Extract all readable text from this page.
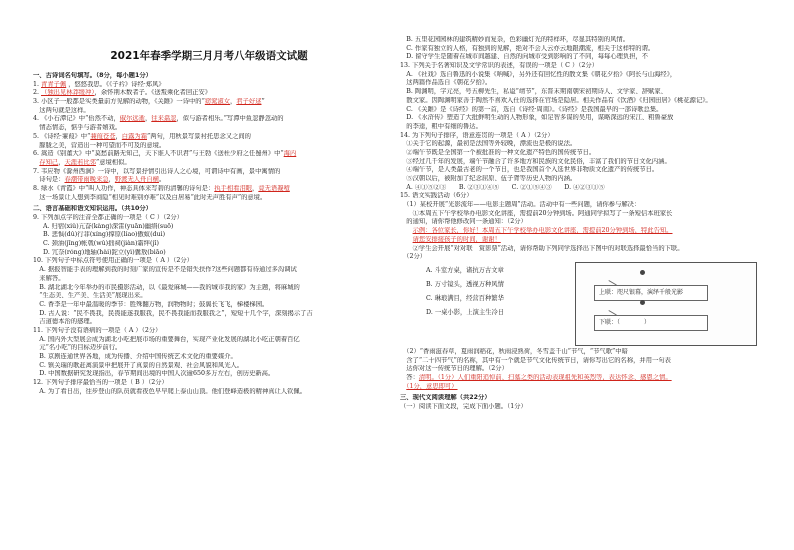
2021年春季学期三月月考八年级语文试题
一、古诗词名句填写。（8分，每小题1分）
1. 青青子佩 ，悠悠我思。《《子衿》诗经·郑风》
2. （独出见林莽缓冲），余怀荆木数者子。《送叛乘化者回正安》
3. 小区子一般都是实类量前方见解的动物，《关雎》一诗中的“窈窕淑女，君子好逑”
　这两句就是这样。
4. 《小石潭记》中“佁然不动，俶尔远逝，往来翕忽，似与游者相乐。”写潭中鱼忽静忽动的
　情态情态，惦乎与游者嬉戏。
5. 《诗经·蒹葭》中“蒹葭苍苍，白露为霜”两句，用秋景写景衬托思念又之间的
　朦胧之美，营造出一种可望而不可及的意境。
6. 嵩造《别董大》中“莫愁前路无知己，天下谁人不识君”与王勃《送杜少府之任蜀州》中“海内
　存知己，天涯若比邻”意境相似。
7. 韦应物《滁州西涧》一诗中，以写景抒情引出诗人之心境，可谓诗中有画，景中寓情的
　诗句是：春潮带雨晚来急，野渡无人舟自横。
8. 绿水《青霞》中“叫人功作，神态具体来写碧的清馨的诗句是：执手相看泪眼，竟无语凝噎
　这一场景让人想到李商隐“相见时难别亦难”以及白居易“此时无声胜有声”的意境。
二、语言基础和语文知识运用。（共10分）
9. 下列加点字的注音全都正确的一项是（ C ）（2分）
A. 归宿(xiǔ)亢奋(kàng)深雷(yuān)幽绢(suō)
B. 悲惧(dǔ)行菲(xíng)撑原(líao)傲蚁(duì)
C. 颈油(jīng)帐戟(wǔ)拙祠(jiàn)霜绊(jǐ)
D. 冗奈(róng)地轴(hài)跎立(yì)囊敖(biāo)
10. 下列句子中标点符号使用正确的一项是（ A ）（2分）
　A. 据报智能手表的理解到我的时刻广家的宣传是不是错失扶作?这些问题都有待通过多沟调试
　来解答。
　B. 湖北湖北今年举办的市民摄影活动，以《最爱麻城——我的城市我的家》为主题，将麻城的
　“生态美、生产美、生活美”展现出来。
　C. 香李是一年中最温暖的季节：胜殊翻万物，润物物时；鼓翼长飞飞，梯楼梯园。
　D. 古人说：“民不畏我，民畏能遂我服我，民不畏我能而我服我之”，短短十几个字，深刻揭示了吉
　吉道德本治的感理。
11. 下列句子没有语病的一项是（ A ）（2分）
　A. 国内外大型展会成为湖北小吃把展市场的重要舞台，实现产业化发展的湖北小吃正朝着百亿
　元“名小吃”的目标迈步前行。
　B. 京剧连通世界各地，成为传播、介绍中国传统艺术文化的重要媒介。
　C. 镇关瑞的歌赶离演景申把展开了真景的自然景观、社会风貌和风光人。
　D. 中国数据研究发现指出，春节期间出境的中国人次逾650多万左右，创历史新高。
12. 下列句子排序最恰当的一项是（ B ）（2分）
　A. 为了看日出，往步登山的队员就看夜色早早爬上泰山山顶。他们登峰造极的精神真让人钦佩。
　B. 五里花园园林的建筑精妙而复杂，色彩幽灯光的特样环，尽显其特别的风情。
　C. 作家有独立的人格，有独到的见解，绝对不会人云亦云地跟潮流，相关于这样特的谓。
　D. 留守学生是随着在城市间越建、自然的向城市受到影响的了不同，每每心理负担，不
13. 下列关于名著知识及文学常识的表述，有误的一项是（ C ）（2分）
　A. 《社戏》选自鲁迅的小说集《呐喊》，另外还有回忆性的散文集《朝花夕拾》《阿长与山海经》，
　这两篇作品选自《朝花夕拾》。
　B. 陶渊明，字元亮，号五柳先生，私谥“靖节”，东晋末期南朝宋初期诗人、文学家、辞赋家、
　散文家。因陶渊明家善于陶然不喜欢入仕的选择在官场是隐居。相关作品有《饮酒》《归园田居》《桃花源记》。
　C. 《关雎》是《诗经》的第一首，选自《诗经·周南》。《诗经》是我国最早的一部诗歌总集。
　D. 《水浒传》塑造了大批鲜明生动的人物形象，如足智多谋的吴用，谋略深远的宋江、粗鲁豪放
　的李逵，粗中有细的鲁达。
14. 为下列句子排序，语意连贯的一项是（ A ）（2分）
　①关于它的起源，最初是法国等外较晚，漂流也是极的说法。
　②端午节既是全国第一个被批准的一种文化遗产特色的国传统节日。
　③经过几千年的发展，端午节融合了许多地方和民族的文化民俗，丰富了我们的节日文化内涵。
　④端午节，是人类最古老的一个节日，也是我国首个入选世界非物质文化遗产的传统节日。
　⑤汉朝以后，被附加了纪念屈原、伍子胥等历史人物的内涵。
　A. ④①⑤②③　　B. ②③①④⑤　　C. ②①⑤④③　　D. ④②③①⑤
15. 语文实践活动（6分）
　（1）某校开展“光影流年——电影主题周”活动。活动中有一些问题，请你参与解决：
　　①本周五下午学校举办电影文化讲座，需提前20分钟到场。阿通同学拟写了一条短信本班家长
　的通知，请你帮他修改同一条通知：（2分）
　　示例：各位家长，你好！本周五下午学校举办电影文化讲座，需提前20分钟到场，特此告知。
　　请您安排接孩子的时间，谢谢！
　　②学生会开展“对对联　赏影票”活动，请你帮助下列同学选择出下图中的对联选择最恰当的下联。
　（2分）
A. 斗室方桌，诸抗万古文章
B. 万寸镜头，透视万种风情
C. 琳琅满目，经营百种繁华
D. 一桌小影，上演主生冷日
上联：咫尺银幕，演绎千般光影
下联：（　　　　）
　（2）“香雨滋春草，夏雨润稻花，秋雨浸熟荷，冬雪盖千山”节气，“节气歌”中暗
　含了“二十四节气”的名称，其中有一个就是节气文化传统节日，请你写出它的名称，并用一句表
　达你对这一传统节日的理解。（2分）
　答：清明。（1分）人们重阳追悼前、扫墓之类的活动表现祖先和英烈等，表达怀念、感恩之情。
　（1分，意思即可）
三、现代文阅读理解（共22分）
（一）阅读下面文段，完成下面小题。（1分）
